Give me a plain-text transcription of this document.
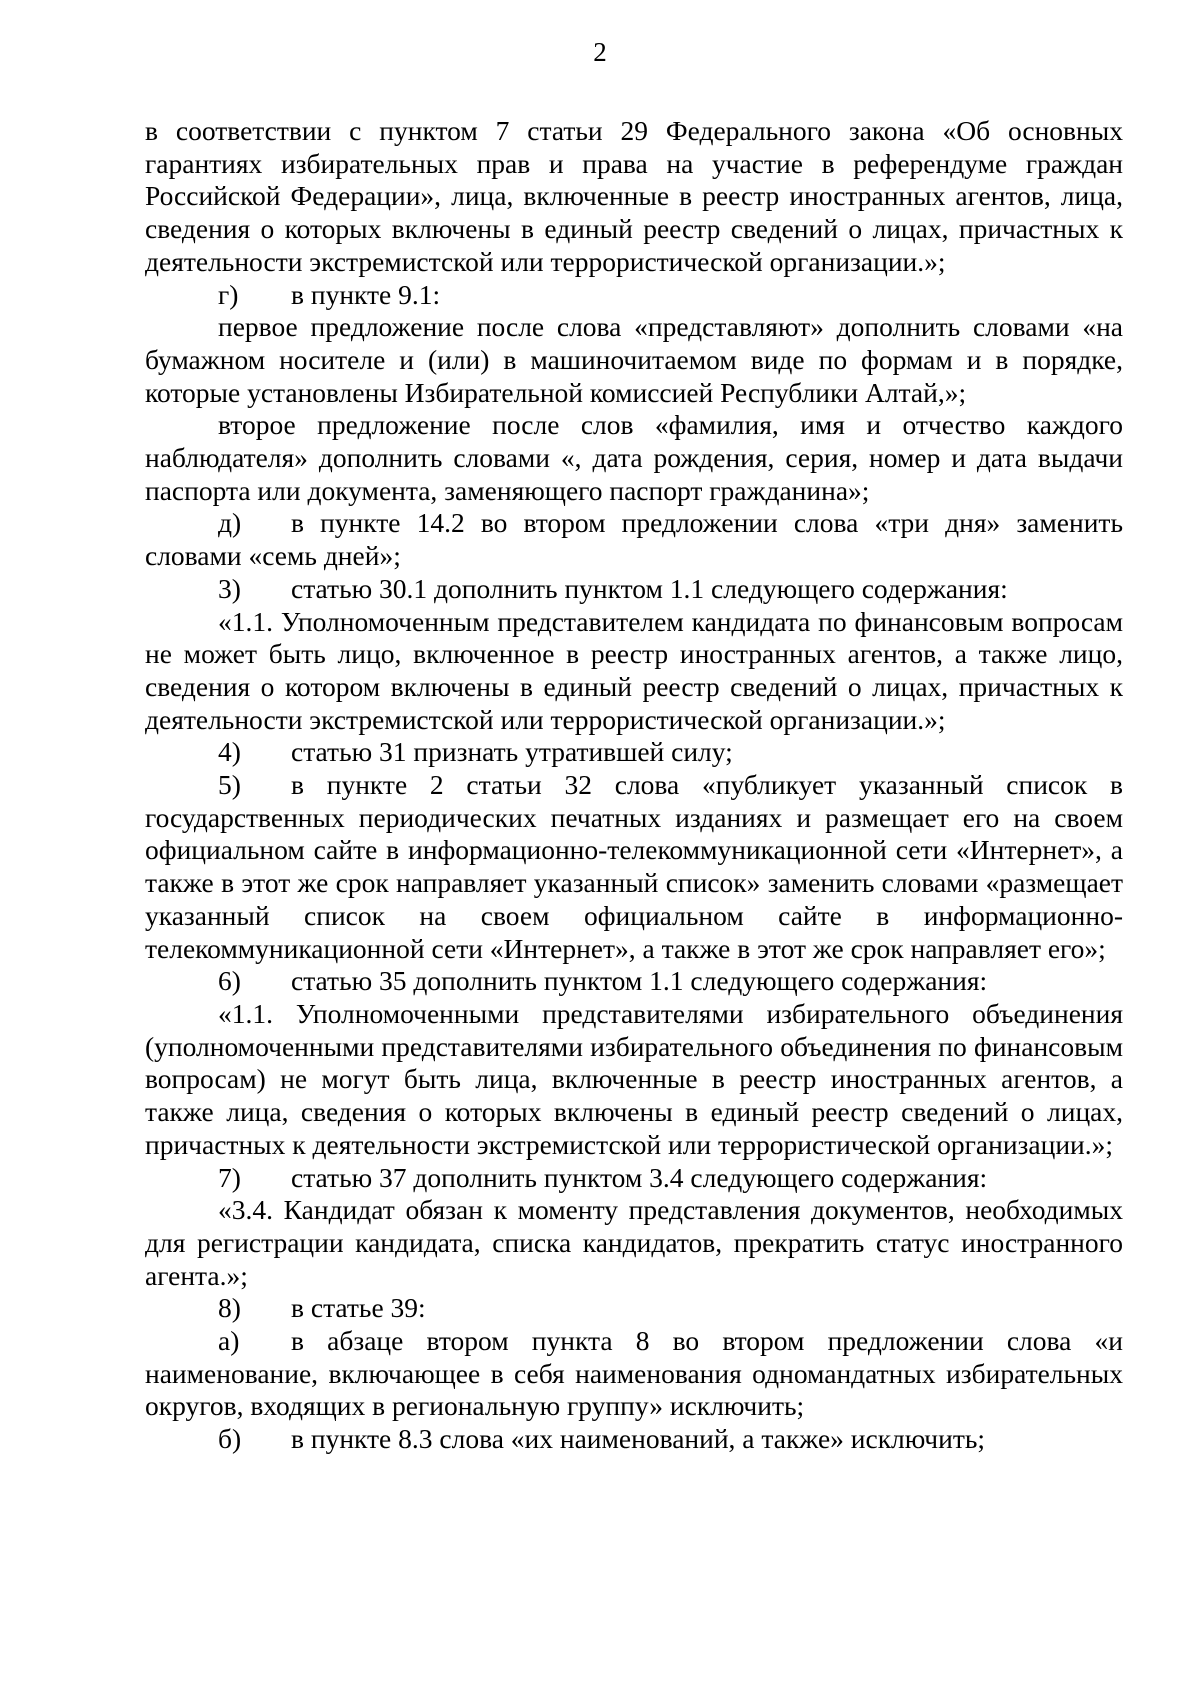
2

в соответствии с пунктом 7 статьи 29 Федерального закона «Об основных гарантиях избирательных прав и права на участие в референдуме граждан Российской Федерации», лица, включенные в реестр иностранных агентов, лица, сведения о которых включены в единый реестр сведений о лицах, причастных к деятельности экстремистской или террористической организации.»;

г) в пункте 9.1:

первое предложение после слова «представляют» дополнить словами «на бумажном носителе и (или) в машиночитаемом виде по формам и в порядке, которые установлены Избирательной комиссией Республики Алтай,»;

второе предложение после слов «фамилия, имя и отчество каждого наблюдателя» дополнить словами «, дата рождения, серия, номер и дата выдачи паспорта или документа, заменяющего паспорт гражданина»;

д) в пункте 14.2 во втором предложении слова «три дня» заменить словами «семь дней»;

3) статью 30.1 дополнить пунктом 1.1 следующего содержания:

«1.1. Уполномоченным представителем кандидата по финансовым вопросам не может быть лицо, включенное в реестр иностранных агентов, а также лицо, сведения о котором включены в единый реестр сведений о лицах, причастных к деятельности экстремистской или террористической организации.»;

4) статью 31 признать утратившей силу;

5) в пункте 2 статьи 32 слова «публикует указанный список в государственных периодических печатных изданиях и размещает его на своем официальном сайте в информационно-телекоммуникационной сети «Интернет», а также в этот же срок направляет указанный список» заменить словами «размещает указанный список на своем официальном сайте в информационно-телекоммуникационной сети «Интернет», а также в этот же срок направляет его»;

6) статью 35 дополнить пунктом 1.1 следующего содержания:

«1.1. Уполномоченными представителями избирательного объединения (уполномоченными представителями избирательного объединения по финансовым вопросам) не могут быть лица, включенные в реестр иностранных агентов, а также лица, сведения о которых включены в единый реестр сведений о лицах, причастных к деятельности экстремистской или террористической организации.»;

7) статью 37 дополнить пунктом 3.4 следующего содержания:

«3.4. Кандидат обязан к моменту представления документов, необходимых для регистрации кандидата, списка кандидатов, прекратить статус иностранного агента.»;

8) в статье 39:

а) в абзаце втором пункта 8 во втором предложении слова «и наименование, включающее в себя наименования одномандатных избирательных округов, входящих в региональную группу» исключить;

б) в пункте 8.3 слова «их наименований, а также» исключить;
